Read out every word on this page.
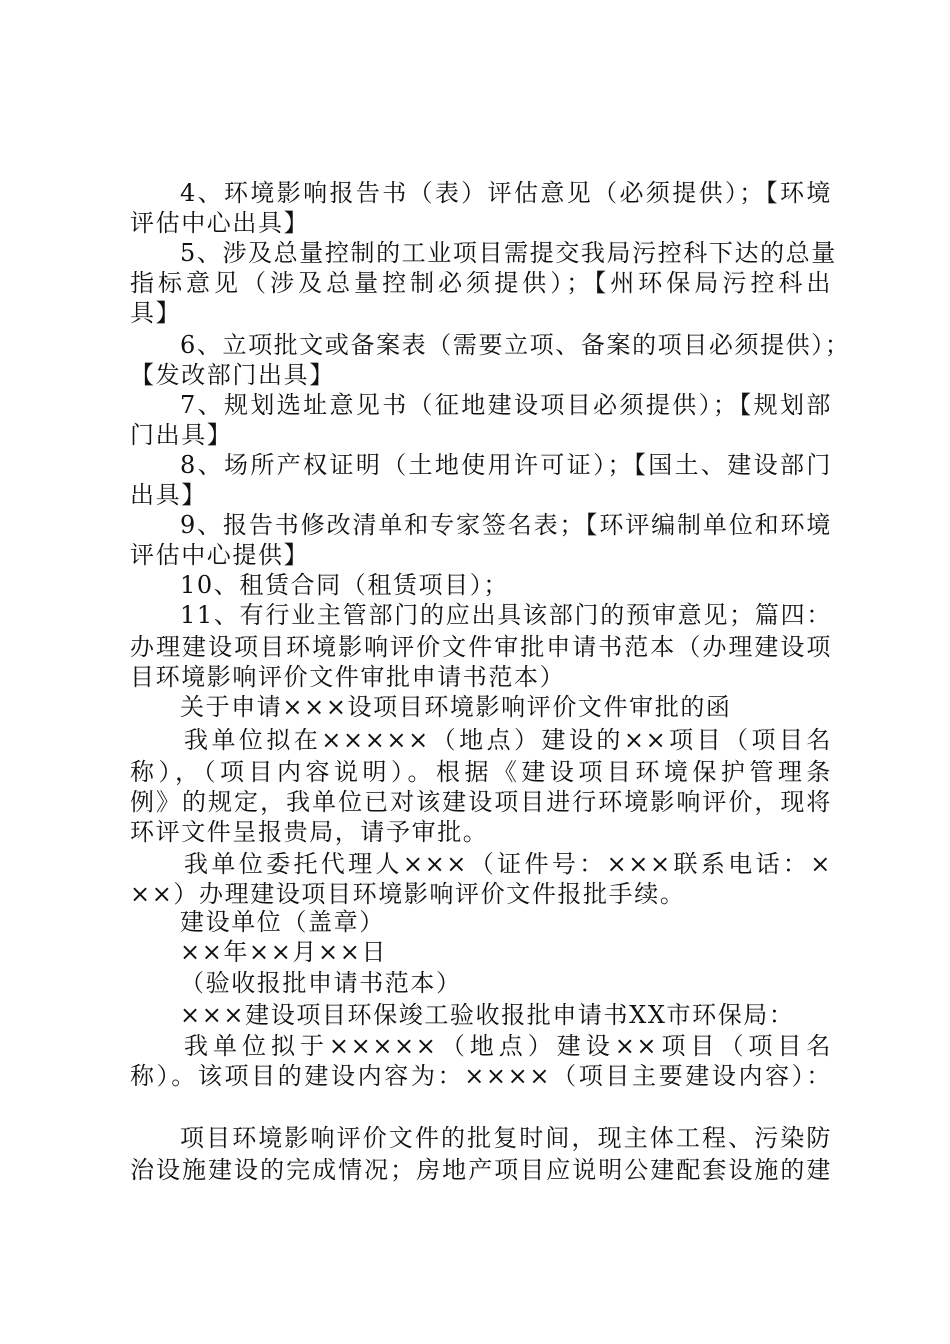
4、环境影响报告书（表）评估意见（必须提供）；【环境
评估中心出具】
5、涉及总量控制的工业项目需提交我局污控科下达的总量
指标意见（涉及总量控制必须提供）；【州环保局污控科出
具】
6、立项批文或备案表（需要立项、备案的项目必须提供）；
【发改部门出具】
7、规划选址意见书（征地建设项目必须提供）；【规划部
门出具】
8、场所产权证明（土地使用许可证）；【国土、建设部门
出具】
9、报告书修改清单和专家签名表；【环评编制单位和环境
评估中心提供】
10、租赁合同（租赁项目）；
11、有行业主管部门的应出具该部门的预审意见；篇四：
办理建设项目环境影响评价文件审批申请书范本（办理建设项
目环境影响评价文件审批申请书范本）
关于申请×××设项目环境影响评价文件审批的函
我单位拟在×××××（地点）建设的××项目（项目名
称），（项目内容说明）。根据《建设项目环境保护管理条
例》的规定，我单位已对该建设项目进行环境影响评价，现将
环评文件呈报贵局，请予审批。
我单位委托代理人×××（证件号：×××联系电话：×
××）办理建设项目环境影响评价文件报批手续。
建设单位（盖章）
××年××月××日
（验收报批申请书范本）
×××建设项目环保竣工验收报批申请书XX市环保局：
我单位拟于×××××（地点）建设××项目（项目名
称）。该项目的建设内容为：××××（项目主要建设内容）：
项目环境影响评价文件的批复时间，现主体工程、污染防
治设施建设的完成情况；房地产项目应说明公建配套设施的建
